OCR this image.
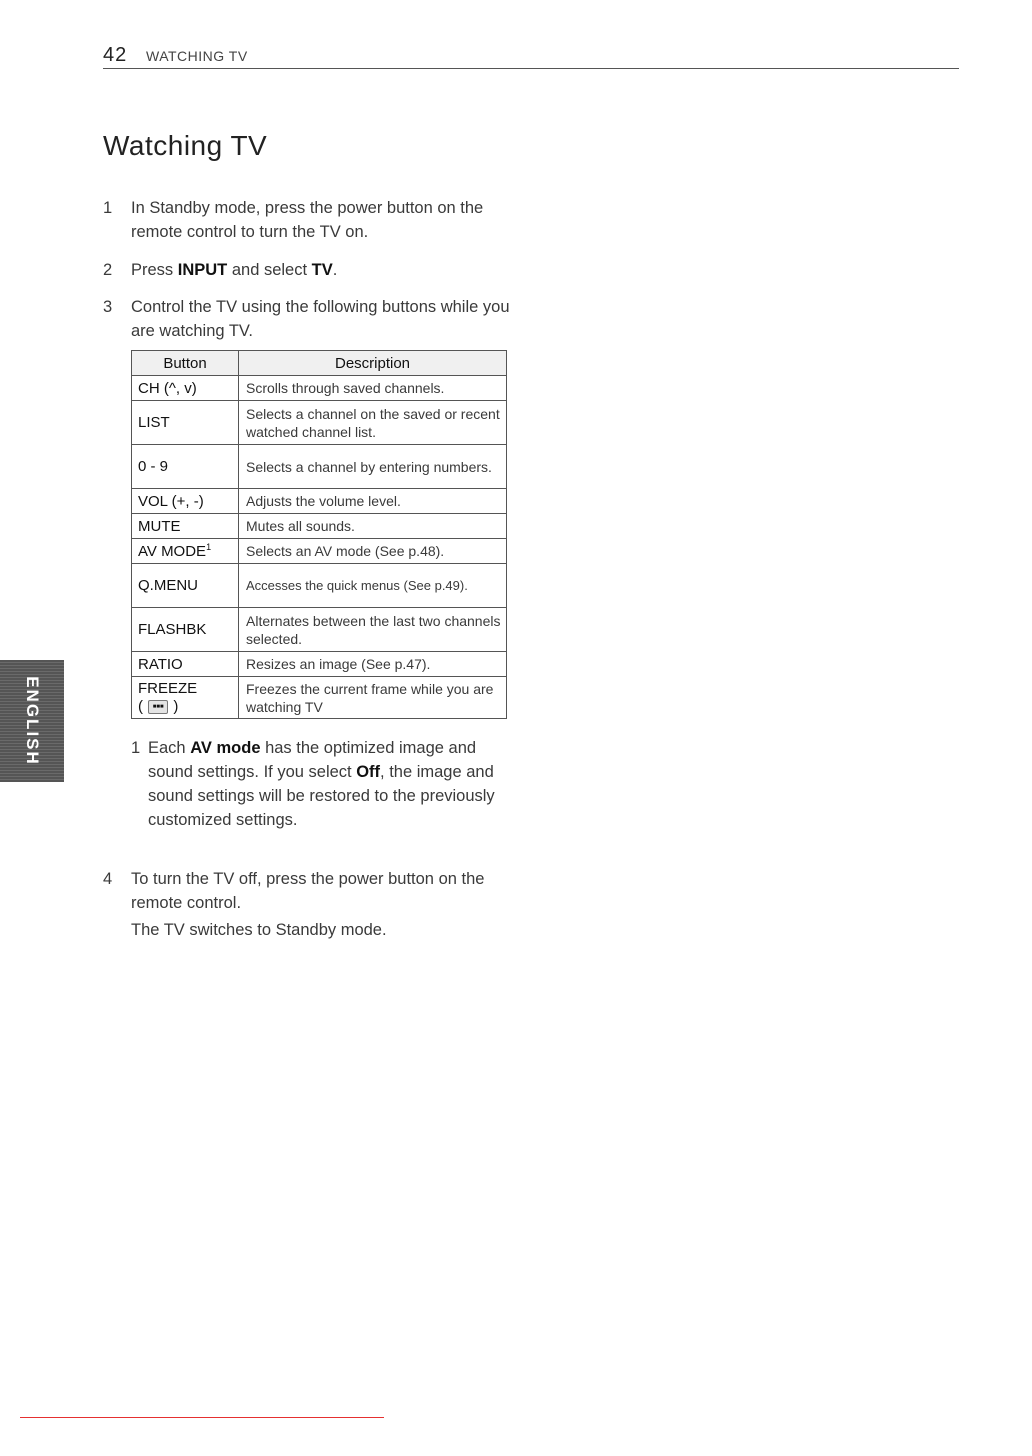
42 WATCHING TV
Watching TV
1	In Standby mode, press the power button on the remote control to turn the TV on.
2	Press INPUT and select TV.
3	Control the TV using the following buttons while you are watching TV.
Button	Description
CH (^, v)	Scrolls through saved channels.
LIST	Selects a channel on the saved or recent watched channel list.
0 - 9	Selects a channel by entering numbers.
VOL (+, -)	Adjusts the volume level.
MUTE	Mutes all sounds.
AV MODE$^1$	Selects an AV mode (See p.48).
Q.MENU	Accesses the quick menus (See p.49).
FLASHBK	Alternates between the last two channels selected.
RATIO	Resizes an image (See p.47).
FREEZE
( ■■■ )	Freezes the current frame while you are watching TV
1 Each AV mode has the optimized image and sound settings. If you select Off, the image and sound settings will be restored to the previously customized settings.
4	To turn the TV off, press the power button on the remote control.
The TV switches to Standby mode.
ENGLISH
